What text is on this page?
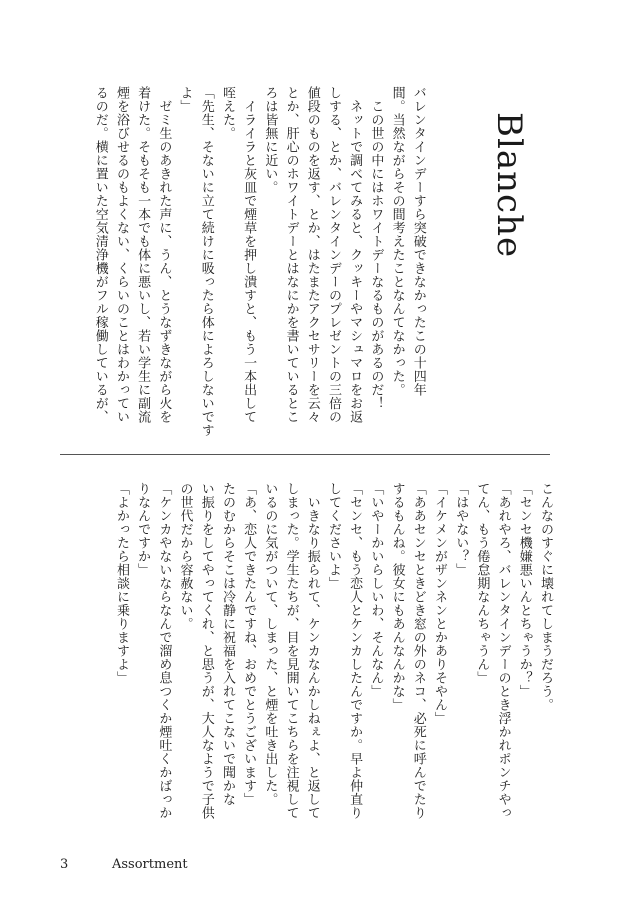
Blanche

バレンタインデーすら突破できなかったこの十四年
間。当然ながらその間考えたことなんてなかった。
　この世の中にはホワイトデーなるものがあるのだ！
　ネットで調べてみると、クッキーやマシュマロをお返
しする、とか、バレンタインデーのプレゼントの三倍の
値段のものを返す、とか、はたまたアクセサリーを云々
とか、肝心のホワイトデーとはなにかを書いているとこ
ろは皆無に近い。
　イライラと灰皿で煙草を押し潰すと、もう一本出して
咥えた。
「先生、そないに立て続けに吸ったら体によろしないです
よ」
　ゼミ生のあきれた声に、うん、とうなずきながら火を
着けた。そもそも一本でも体に悪いし、若い学生に副流
煙を浴びせるのもよくない、くらいのことはわかってい
るのだ。横に置いた空気清浄機がフル稼働しているが、
こんなのすぐに壊れてしまうだろう。
「センセ機嫌悪いんとちゃうか？」
「あれやろ、バレンタインデーのとき浮かれポンチやっ
てん、もう倦怠期なんちゃうん」
「はやない？」
「イケメンがザンネンとかありそやん」
「ああセンセときどき窓の外のネコ、必死に呼んでたり
するもんね。彼女にもあんなんかな」
「いやーかいらしいわ、そんなん」
「センセ、もう恋人とケンカしたんですか。早よ仲直り
してくださいよ」
　いきなり振られて、ケンカなんかしねぇよ、と返して
しまった。学生たちが、目を見開いてこちらを注視して
いるのに気がついて、しまった、と煙を吐き出した。
「あ、恋人できたんですね、おめでとうございます」
たのむからそこは冷静に祝福を入れてこないで聞かな
い振りをしてやってくれ、と思うが、大人なようで子供
の世代だから容赦ない。
「ケンカやないならなんで溜め息つくか煙吐くかばっか
りなんですか」
「よかったら相談に乗りますよ」
3	Assortment
